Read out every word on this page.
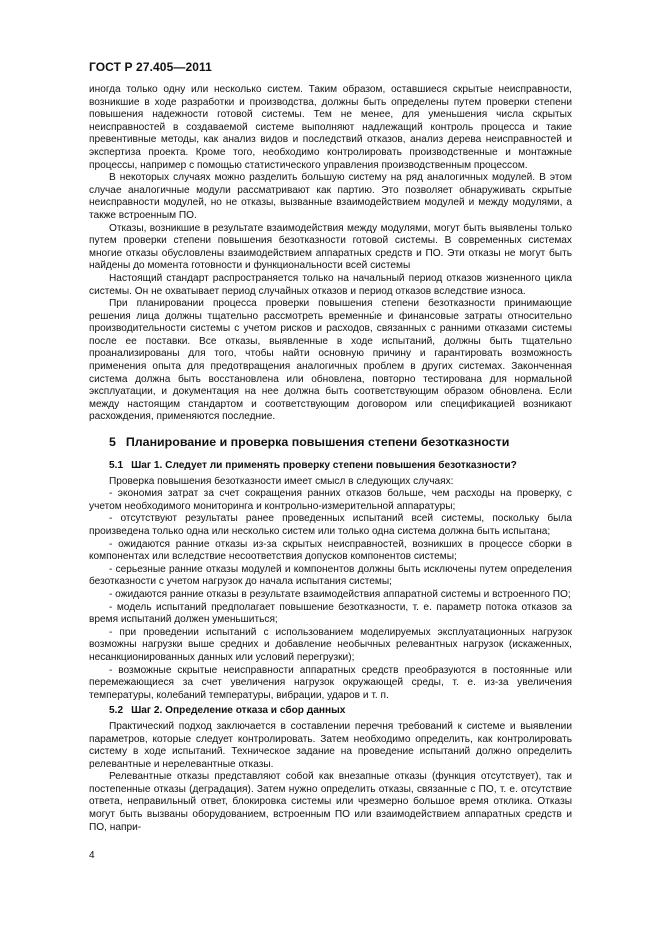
ГОСТ Р 27.405—2011

иногда только одну или несколько систем. Таким образом, оставшиеся скрытые неисправности, возникшие в ходе разработки и производства, должны быть определены путем проверки степени повышения надежности готовой системы. Тем не менее, для уменьшения числа скрытых неисправностей в создаваемой системе выполняют надлежащий контроль процесса и такие превентивные методы, как анализ видов и последствий отказов, анализ дерева неисправностей и экспертиза проекта. Кроме того, необходимо контролировать производственные и монтажные процессы, например с помощью статистического управления производственным процессом.

В некоторых случаях можно разделить большую систему на ряд аналогичных модулей. В этом случае аналогичные модули рассматривают как партию. Это позволяет обнаруживать скрытые неисправности модулей, но не отказы, вызванные взаимодействием модулей и между модулями, а также встроенным ПО.

Отказы, возникшие в результате взаимодействия между модулями, могут быть выявлены только путем проверки степени повышения безотказности готовой системы. В современных системах многие отказы обусловлены взаимодействием аппаратных средств и ПО. Эти отказы не могут быть найдены до момента готовности и функциональности всей системы

Настоящий стандарт распространяется только на начальный период отказов жизненного цикла системы. Он не охватывает период случайных отказов и период отказов вследствие износа.

При планировании процесса проверки повышения степени безотказности принимающие решения лица должны тщательно рассмотреть временны́е и финансовые затраты относительно производительности системы с учетом рисков и расходов, связанных с ранними отказами системы после ее поставки. Все отказы, выявленные в ходе испытаний, должны быть тщательно проанализированы для того, чтобы найти основную причину и гарантировать возможность применения опыта для предотвращения аналогичных проблем в других системах. Законченная система должна быть восстановлена или обновлена, повторно тестирована для нормальной эксплуатации, и документация на нее должна быть соответствующим образом обновлена. Если между настоящим стандартом и соответствующим договором или спецификацией возникают расхождения, применяются последние.

5 Планирование и проверка повышения степени безотказности
5.1 Шаг 1. Следует ли применять проверку степени повышения безотказности?

Проверка повышения безотказности имеет смысл в следующих случаях:

- экономия затрат за счет сокращения ранних отказов больше, чем расходы на проверку, с учетом необходимого мониторинга и контрольно-измерительной аппаратуры;

- отсутствуют результаты ранее проведенных испытаний всей системы, поскольку была произведена только одна или несколько систем или только одна система должна быть испытана;

- ожидаются ранние отказы из-за скрытых неисправностей, возникших в процессе сборки в компонентах или вследствие несоответствия допусков компонентов системы;

- серьезные ранние отказы модулей и компонентов должны быть исключены путем определения безотказности с учетом нагрузок до начала испытания системы;

- ожидаются ранние отказы в результате взаимодействия аппаратной системы и встроенного ПО;

- модель испытаний предполагает повышение безотказности, т. е. параметр потока отказов за время испытаний должен уменьшиться;

- при проведении испытаний с использованием моделируемых эксплуатационных нагрузок возможны нагрузки выше средних и добавление необычных релевантных нагрузок (искаженных, несанкционированных данных или условий перегрузки);

- возможные скрытые неисправности аппаратных средств преобразуются в постоянные или перемежающиеся за счет увеличения нагрузок окружающей среды, т. е. из-за увеличения температуры, колебаний температуры, вибрации, ударов и т. п.

5.2 Шаг 2. Определение отказа и сбор данных

Практический подход заключается в составлении перечня требований к системе и выявлении параметров, которые следует контролировать. Затем необходимо определить, как контролировать систему в ходе испытаний. Техническое задание на проведение испытаний должно определить релевантные и нерелевантные отказы.

Релевантные отказы представляют собой как внезапные отказы (функция отсутствует), так и постепенные отказы (деградация). Затем нужно определить отказы, связанные с ПО, т. е. отсутствие ответа, неправильный ответ, блокировка системы или чрезмерно большое время отклика. Отказы могут быть вызваны оборудованием, встроенным ПО или взаимодействием аппаратных средств и ПО, напри-

4
